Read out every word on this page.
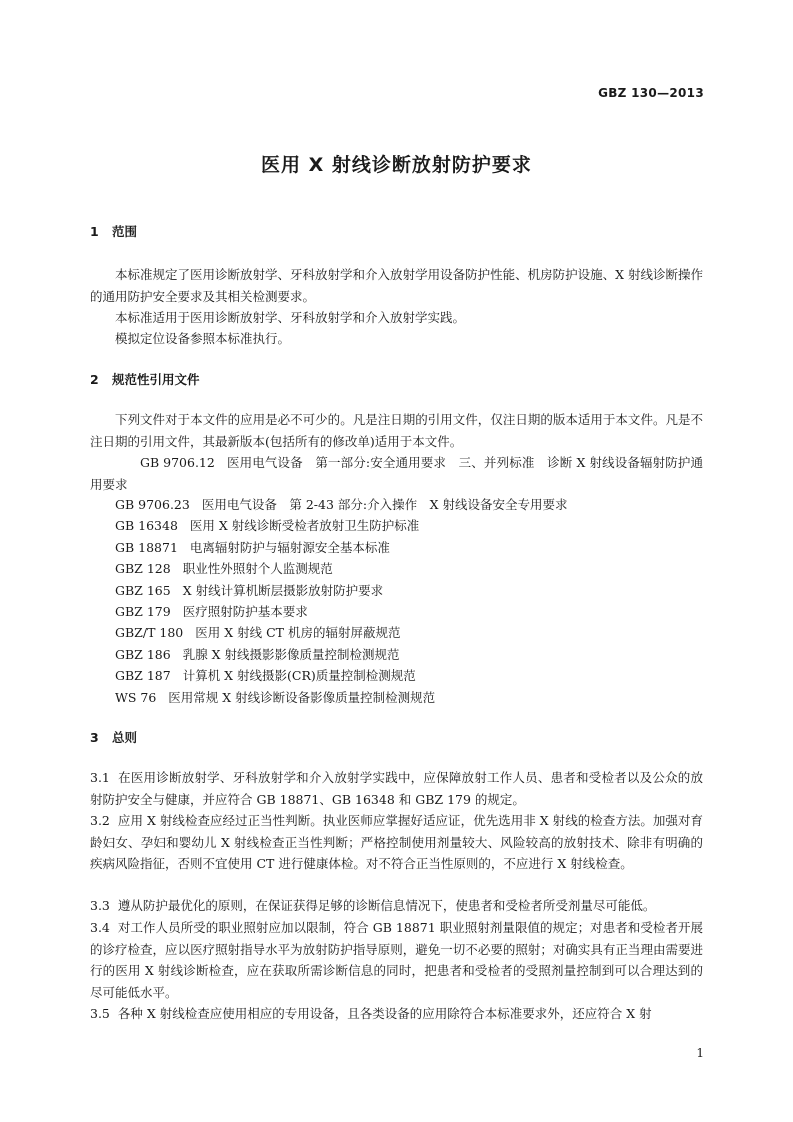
GBZ 130—2013
医用 X 射线诊断放射防护要求
1 范围

本标准规定了医用诊断放射学、牙科放射学和介入放射学用设备防护性能、机房防护设施、X 射线诊断操作的通用防护安全要求及其相关检测要求。

本标准适用于医用诊断放射学、牙科放射学和介入放射学实践。

模拟定位设备参照本标准执行。

2 规范性引用文件

下列文件对于本文件的应用是必不可少的。凡是注日期的引用文件，仅注日期的版本适用于本文件。凡是不注日期的引用文件，其最新版本(包括所有的修改单)适用于本文件。

GB 9706.12 医用电气设备　第一部分:安全通用要求　三、并列标准　诊断 X 射线设备辐射防护通用要求

GB 9706.23 医用电气设备　第 2-43 部分:介入操作　X 射线设备安全专用要求

GB 16348 医用 X 射线诊断受检者放射卫生防护标准

GB 18871 电离辐射防护与辐射源安全基本标准

GBZ 128 职业性外照射个人监测规范

GBZ 165 X 射线计算机断层摄影放射防护要求

GBZ 179 医疗照射防护基本要求

GBZ/T 180 医用 X 射线 CT 机房的辐射屏蔽规范

GBZ 186 乳腺 X 射线摄影影像质量控制检测规范

GBZ 187 计算机 X 射线摄影(CR)质量控制检测规范

WS 76 医用常规 X 射线诊断设备影像质量控制检测规范

3 总则

3.1 在医用诊断放射学、牙科放射学和介入放射学实践中，应保障放射工作人员、患者和受检者以及公众的放射防护安全与健康，并应符合 GB 18871、GB 16348 和 GBZ 179 的规定。

3.2 应用 X 射线检查应经过正当性判断。执业医师应掌握好适应证，优先选用非 X 射线的检查方法。加强对育龄妇女、孕妇和婴幼儿 X 射线检查正当性判断；严格控制使用剂量较大、风险较高的放射技术、除非有明确的疾病风险指征，否则不宜使用 CT 进行健康体检。对不符合正当性原则的，不应进行 X 射线检查。

3.3 遵从防护最优化的原则，在保证获得足够的诊断信息情况下，使患者和受检者所受剂量尽可能低。

3.4 对工作人员所受的职业照射应加以限制，符合 GB 18871 职业照射剂量限值的规定；对患者和受检者开展的诊疗检查，应以医疗照射指导水平为放射防护指导原则，避免一切不必要的照射；对确实具有正当理由需要进行的医用 X 射线诊断检查，应在获取所需诊断信息的同时，把患者和受检者的受照剂量控制到可以合理达到的尽可能低水平。

3.5 各种 X 射线检查应使用相应的专用设备，且各类设备的应用除符合本标准要求外，还应符合 X 射

1
